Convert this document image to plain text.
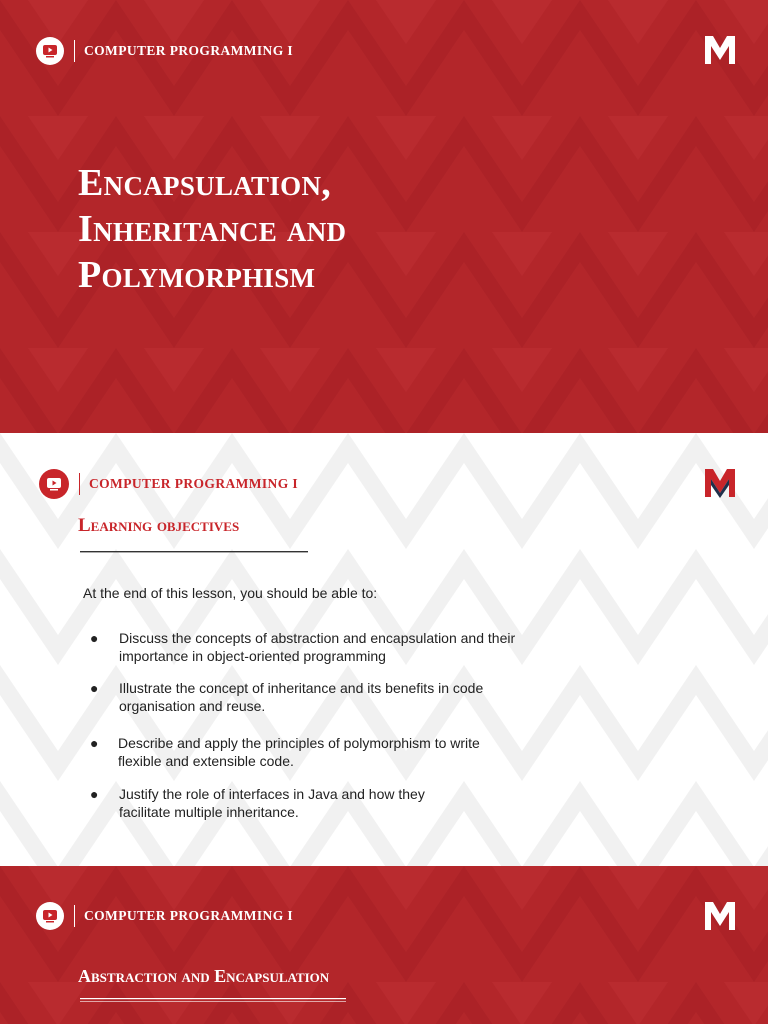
COMPUTER PROGRAMMING I
Encapsulation,
Inheritance and
Polymorphism
COMPUTER PROGRAMMING I
Learning objectives

At the end of this lesson, you should be able to:

● Discuss the concepts of abstraction and encapsulation and their importance in object-oriented programming
● Illustrate the concept of inheritance and its benefits in code organisation and reuse.
● Describe and apply the principles of polymorphism to write flexible and extensible code.
● Justify the role of interfaces in Java and how they facilitate multiple inheritance.
COMPUTER PROGRAMMING I
Abstraction and Encapsulation
